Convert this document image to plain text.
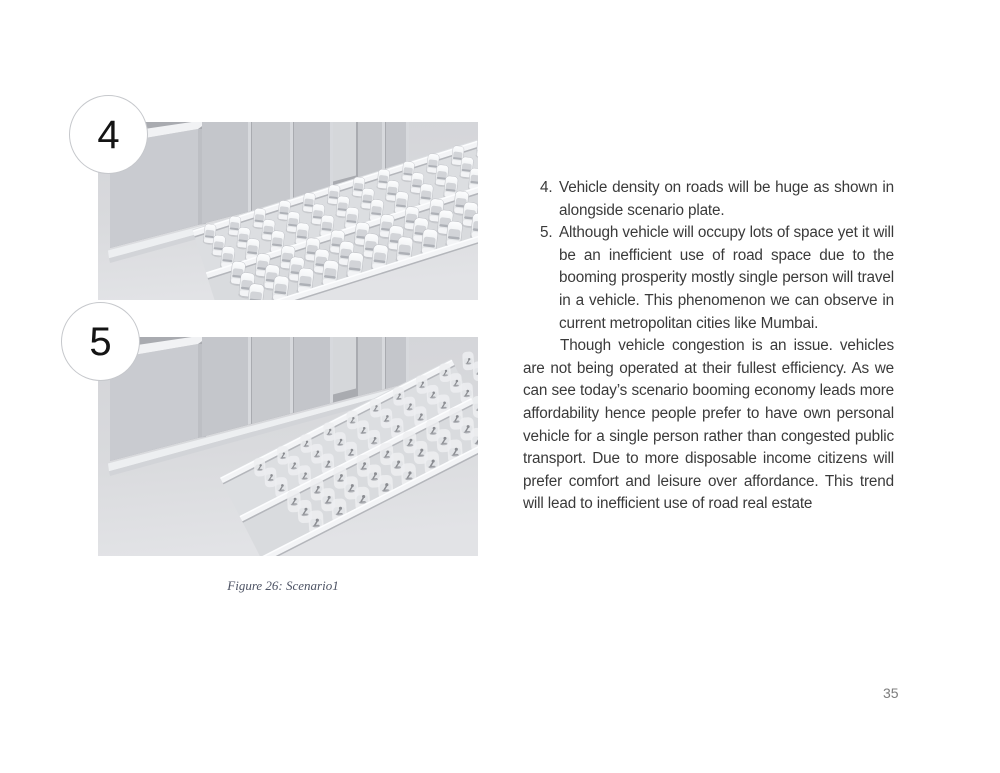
4
5
Figure 26: Scenario1
4. Vehicle density on roads will be huge as shown in alongside scenario plate.
5. Although vehicle will occupy lots of space yet it will be an inefficient use of road space due to the booming prosperity mostly single person will travel in a vehicle. This phenomenon we can observe in current metropolitan cities like Mumbai.

Though vehicle congestion is an issue. vehicles are not being operated at their fullest efficiency. As we can see today’s scenario booming economy leads more affordability hence people prefer to have own personal vehicle for a single person rather than congested public transport. Due to more disposable income citizens will prefer comfort and leisure over affordance. This trend will lead to inefficient use of road real estate

35
